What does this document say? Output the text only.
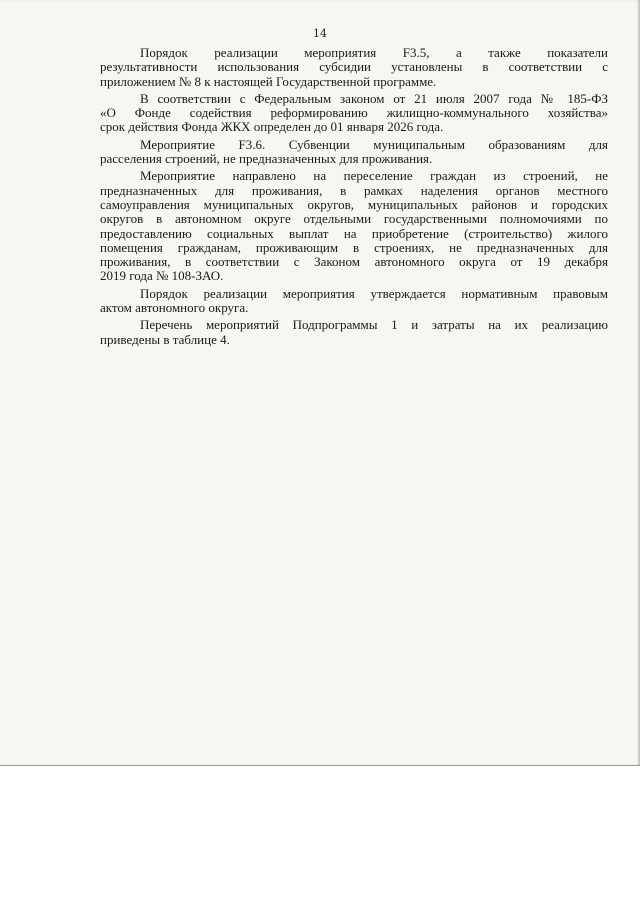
14

Порядок реализации мероприятия F3.5, а также показатели
результативности использования субсидии установлены в соответствии с
приложением № 8 к настоящей Государственной программе.

В соответствии с Федеральным законом от 21 июля 2007 года № 185-ФЗ
«О Фонде содействия реформированию жилищно-коммунального хозяйства»
срок действия Фонда ЖКХ определен до 01 января 2026 года.

Мероприятие F3.6. Субвенции муниципальным образованиям для
расселения строений, не предназначенных для проживания.

Мероприятие направлено на переселение граждан из строений, не
предназначенных для проживания, в рамках наделения органов местного
самоуправления муниципальных округов, муниципальных районов и городских
округов в автономном округе отдельными государственными полномочиями по
предоставлению социальных выплат на приобретение (строительство) жилого
помещения гражданам, проживающим в строениях, не предназначенных для
проживания, в соответствии с Законом автономного округа от 19 декабря
2019 года № 108-ЗАО.

Порядок реализации мероприятия утверждается нормативным правовым
актом автономного округа.

Перечень мероприятий Подпрограммы 1 и затраты на их реализацию
приведены в таблице 4.
